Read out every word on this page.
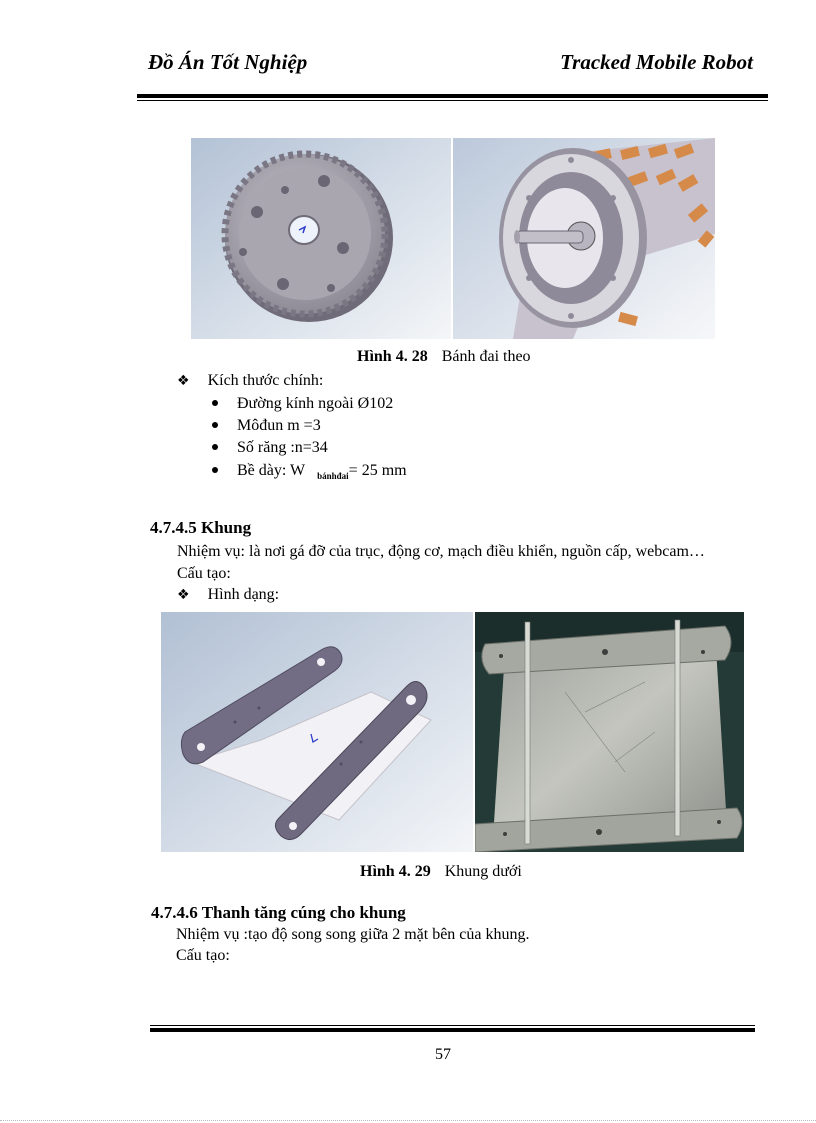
Đồ Án Tốt Nghiệp	Tracked Mobile Robot
Hình 4. 28 Bánh đai theo
❖ Kích thước chính:
Đường kính ngoài Ø102
Môđun m =3
Số răng :n=34
Bề dày: W $_{bánhđai}$= 25 mm
4.7.4.5 Khung
Nhiệm vụ: là nơi gá đỡ của trục, động cơ, mạch điều khiển, nguồn cấp, webcam…
Cấu tạo:
❖ Hình dạng:
Hình 4. 29 Khung dưới
4.7.4.6 Thanh tăng cúng cho khung
Nhiệm vụ :tạo độ song song giữa 2 mặt bên của khung.
Cấu tạo:
57
